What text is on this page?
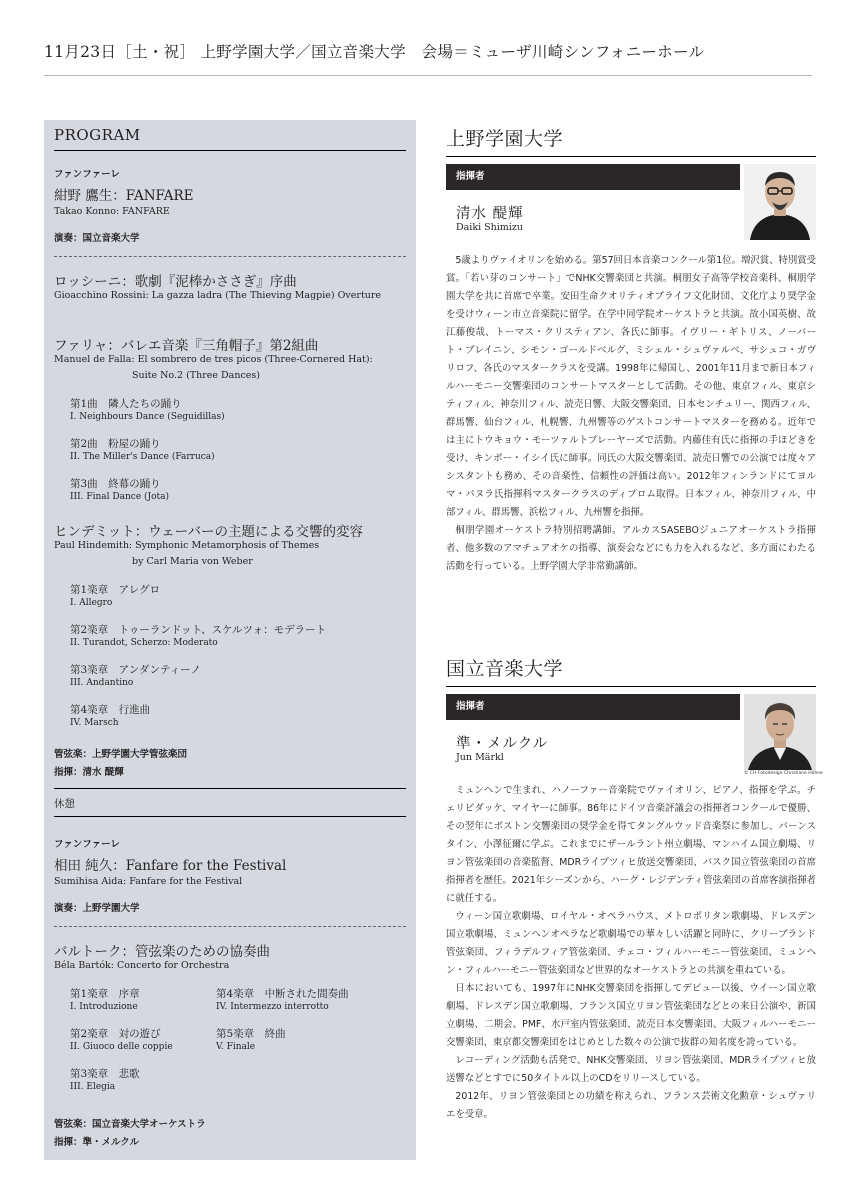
11月23日［土・祝］ 上野学園大学／国立音楽大学　会場＝ミューザ川崎シンフォニーホール
PROGRAM
ファンファーレ
紺野 鷹生：FANFARE
Takao Konno: FANFARE
演奏：国立音楽大学
ロッシーニ：歌劇『泥棒かささぎ』序曲
Gioacchino Rossini: La gazza ladra (The Thieving Magpie) Overture
ファリャ：バレエ音楽『三角帽子』第2組曲
Manuel de Falla: El sombrero de tres picos (Three-Cornered Hat):
Suite No.2 (Three Dances)
第1曲　隣人たちの踊り
I. Neighbours Dance (Seguidillas)
第2曲　粉屋の踊り
II. The Miller's Dance (Farruca)
第3曲　終幕の踊り
III. Final Dance (Jota)
ヒンデミット：ウェーバーの主題による交響的変容
Paul Hindemith: Symphonic Metamorphosis of Themes
by Carl Maria von Weber
第1楽章　アレグロ
I. Allegro
第2楽章　トゥーランドット、スケルツォ：モデラート
II. Turandot, Scherzo: Moderato
第3楽章　アンダンティーノ
III. Andantino
第4楽章　行進曲
IV. Marsch
管弦楽：上野学園大学管弦楽団
指揮：清水 醍輝
休憩
ファンファーレ
相田 純久：Fanfare for the Festival
Sumihisa Aida: Fanfare for the Festival
演奏：上野学園大学
バルトーク：管弦楽のための協奏曲
Béla Bartók: Concerto for Orchestra
第1楽章　序章
I. Introduzione
第2楽章　対の遊び
II. Giuoco delle coppie
第3楽章　悲歌
III. Elegia
第4楽章　中断された間奏曲
IV. Intermezzo interrotto
第5楽章　終曲
V. Finale
管弦楽：国立音楽大学オーケストラ
指揮：準・メルクル
上野学園大学
指揮者
清水 醍輝
Daiki Shimizu

5歳よりヴァイオリンを始める。第57回日本音楽コンクール第1位。増沢賞、特別賞受賞。「若い芽のコンサート」でNHK交響楽団と共演。桐朋女子高等学校音楽科、桐朋学園大学を共に首席で卒業。安田生命クオリティオブライフ文化財団、文化庁より奨学金を受けウィーン市立音楽院に留学。在学中同学院オーケストラと共演。故小国英樹、故江藤俊哉、トーマス・クリスティアン、各氏に師事。イヴリー・ギトリス、ノーバート・ブレイニン、シモン・ゴールドベルグ、ミシェル・シュヴァルベ、サシュコ・ガヴリロフ、各氏のマスタークラスを受講。1998年に帰国し、2001年11月まで新日本フィルハーモニー交響楽団のコンサートマスターとして活動。その他、東京フィル、東京シティフィル、神奈川フィル、読売日響、大阪交響楽団、日本センチュリー、関西フィル、群馬響、仙台フィル、札幌響、九州響等のゲストコンサートマスターを務める。近年では主にトウキョウ・モーツァルトプレーヤーズで活動。内藤佳有氏に指揮の手ほどきを受け、キンボー・イシイ氏に師事。同氏の大阪交響楽団、読売日響での公演では度々アシスタントも務め、その音楽性、信頼性の評価は高い。2012年フィンランドにてヨルマ・パヌラ氏指揮科マスタークラスのディプロム取得。日本フィル、神奈川フィル、中部フィル、群馬響、浜松フィル、九州響を指揮。

桐朋学園オーケストラ特別招聘講師。アルカスSASEBOジュニアオーケストラ指揮者、他多数のアマチュアオケの指導、演奏会などにも力を入れるなど、多方面にわたる活動を行っている。上野学園大学非常勤講師。

国立音楽大学
指揮者
© CH Fotodesign Christiane Höhne
準・メルクル
Jun Märkl

ミュンヘンで生まれ、ハノーファー音楽院でヴァイオリン、ピアノ、指揮を学ぶ。チェリビダッケ、マイヤーに師事。86年にドイツ音楽評議会の指揮者コンクールで優勝、その翌年にボストン交響楽団の奨学金を得てタングルウッド音楽祭に参加し、バーンスタイン、小澤征爾に学ぶ。これまでにザールラント州立劇場、マンハイム国立劇場、リヨン管弦楽団の音楽監督、MDRライプツィヒ放送交響楽団、バスク国立管弦楽団の首席指揮者を歴任。2021年シーズンから、ハーグ・レジデンティ管弦楽団の首席客演指揮者に就任する。

ウィーン国立歌劇場、ロイヤル・オペラハウス、メトロポリタン歌劇場、ドレスデン国立歌劇場、ミュンヘンオペラなど歌劇場での華々しい活躍と同時に、クリーブランド管弦楽団、フィラデルフィア管弦楽団、チェコ・フィルハーモニー管弦楽団、ミュンヘン・フィルハーモニー管弦楽団など世界的なオーケストラとの共演を重ねている。

日本においても、1997年にNHK交響楽団を指揮してデビュー以後、ウイーン国立歌劇場、ドレスデン国立歌劇場、フランス国立リヨン管弦楽団などとの来日公演や、新国立劇場、二期会、PMF、水戸室内管弦楽団、読売日本交響楽団、大阪フィルハーモニー交響楽団、東京都交響楽団をはじめとした数々の公演で抜群の知名度を誇っている。

レコーディング活動も活発で、NHK交響楽団、リヨン管弦楽団、MDRライプツィヒ放送響などとすでに50タイトル以上のCDをリリースしている。

2012年、リヨン管弦楽団との功績を称えられ、フランス芸術文化勲章・シュヴァリエを受章。
